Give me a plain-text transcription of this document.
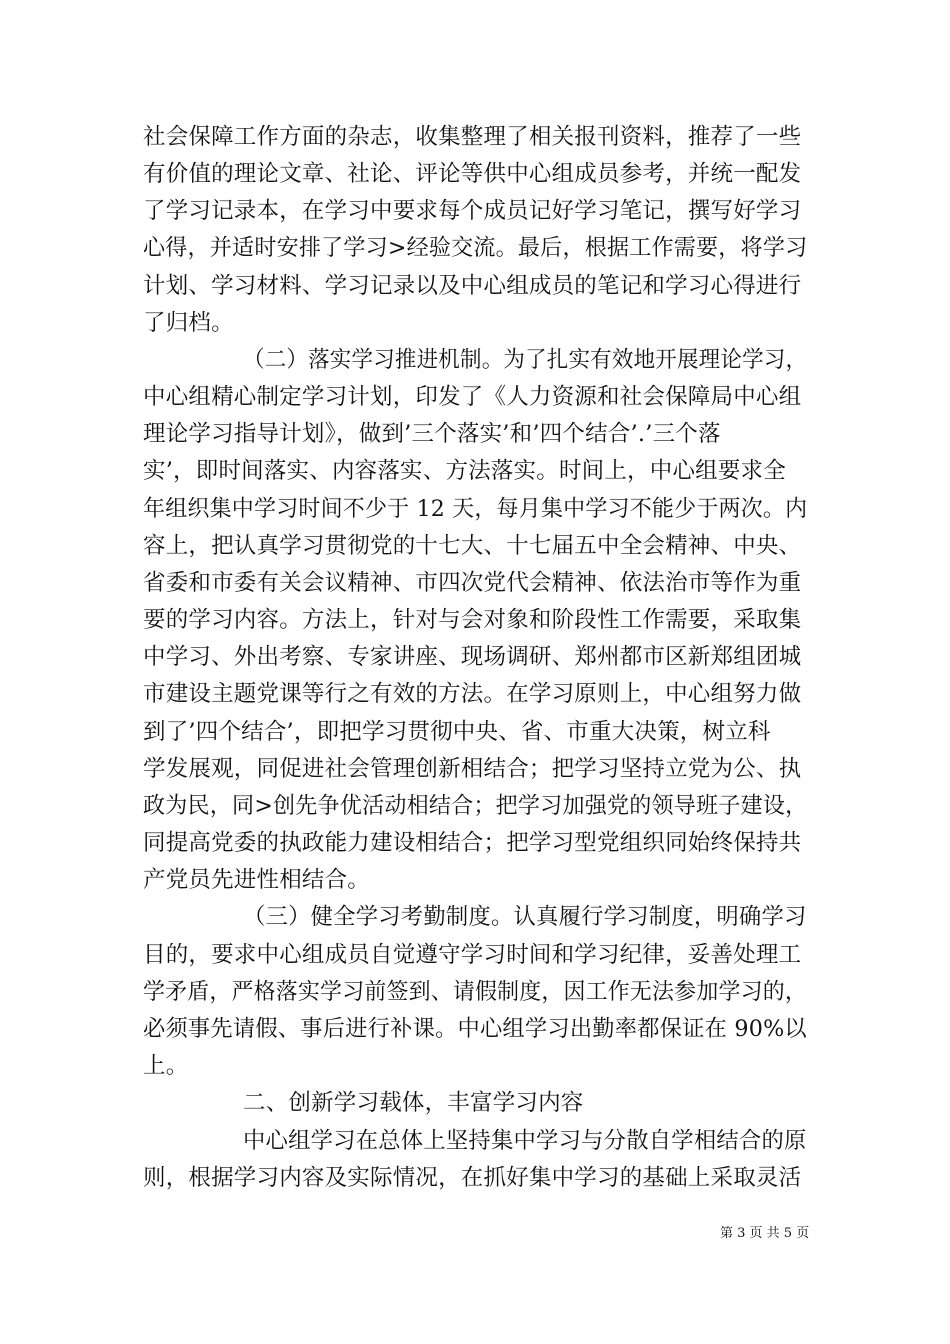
社会保障工作方面的杂志，收集整理了相关报刊资料，推荐了一些
有价值的理论文章、社论、评论等供中心组成员参考，并统一配发
了学习记录本，在学习中要求每个成员记好学习笔记，撰写好学习
心得，并适时安排了学习>经验交流。最后，根据工作需要，将学习
计划、学习材料、学习记录以及中心组成员的笔记和学习心得进行
了归档。
（二）落实学习推进机制。为了扎实有效地开展理论学习，
中心组精心制定学习计划，印发了《人力资源和社会保障局中心组
理论学习指导计划》，做到’三个落实’和’四个结合’.’三个落
实’，即时间落实、内容落实、方法落实。时间上，中心组要求全
年组织集中学习时间不少于 12 天，每月集中学习不能少于两次。内
容上，把认真学习贯彻党的十七大、十七届五中全会精神、中央、
省委和市委有关会议精神、市四次党代会精神、依法治市等作为重
要的学习内容。方法上，针对与会对象和阶段性工作需要，采取集
中学习、外出考察、专家讲座、现场调研、郑州都市区新郑组团城
市建设主题党课等行之有效的方法。在学习原则上，中心组努力做
到了’四个结合’，即把学习贯彻中央、省、市重大决策，树立科
学发展观，同促进社会管理创新相结合；把学习坚持立党为公、执
政为民，同>创先争优活动相结合；把学习加强党的领导班子建设，
同提高党委的执政能力建设相结合；把学习型党组织同始终保持共
产党员先进性相结合。
（三）健全学习考勤制度。认真履行学习制度，明确学习
目的，要求中心组成员自觉遵守学习时间和学习纪律，妥善处理工
学矛盾，严格落实学习前签到、请假制度，因工作无法参加学习的，
必须事先请假、事后进行补课。中心组学习出勤率都保证在 90%以
上。
二、创新学习载体，丰富学习内容
中心组学习在总体上坚持集中学习与分散自学相结合的原
则，根据学习内容及实际情况，在抓好集中学习的基础上采取灵活
第 3 页 共 5 页
